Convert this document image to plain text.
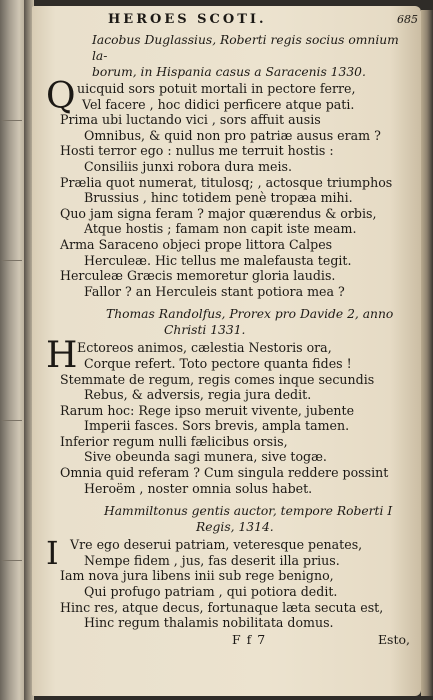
HEROES SCOTI.	685

Iacobus Duglassius, Roberti regis socius omnium la-

borum, in Hispania casus a Saracenis 1330.

Q uicquid sors potuit mortali in pectore ferre,

Vel facere , hoc didici perficere atque pati.

Prima ubi luctando vici , sors affuit ausis

Omnibus, & quid non pro patriæ ausus eram ?

Hosti terror ego : nullus me terruit hostis :

Consiliis junxi robora dura meis.

Prælia quot numerat, titulosq; , actosque triumphos

Brussius , hinc totidem penè tropæa mihi.

Quo jam signa feram ? major quærendus & orbis,

Atque hostis ; famam non capit iste meam.

Arma Saraceno objeci prope littora Calpes

Herculeæ. Hic tellus me malefausta tegit.

Herculeæ Græcis memoretur gloria laudis.

Fallor ? an Herculeis stant potiora mea ?

Thomas Randolfus, Prorex pro Davide 2, anno

Christi 1331.

H Ectoreos animos, cælestia Nestoris ora,

Corque refert. Toto pectore quanta fides !

Stemmate de regum, regis comes inque secundis

Rebus, & adversis, regia jura dedit.

Rarum hoc: Rege ipso meruit vivente, jubente

Imperii fasces. Sors brevis, ampla tamen.

Inferior regum nulli fælicibus orsis,

Sive obeunda sagi munera, sive togæ.

Omnia quid referam ? Cum singula reddere possint

Heroëm , noster omnia solus habet.

Hammiltonus gentis auctor, tempore Roberti I

Regis, 1314.

I Vre ego deserui patriam, veteresque penates,

Nempe fidem , jus, fas deserit illa prius.

Iam nova jura libens inii sub rege benigno,

Qui profugo patriam , qui potiora dedit.

Hinc res, atque decus, fortunaque læta secuta est,

Hinc regum thalamis nobilitata domus.

F f 7	Esto,
